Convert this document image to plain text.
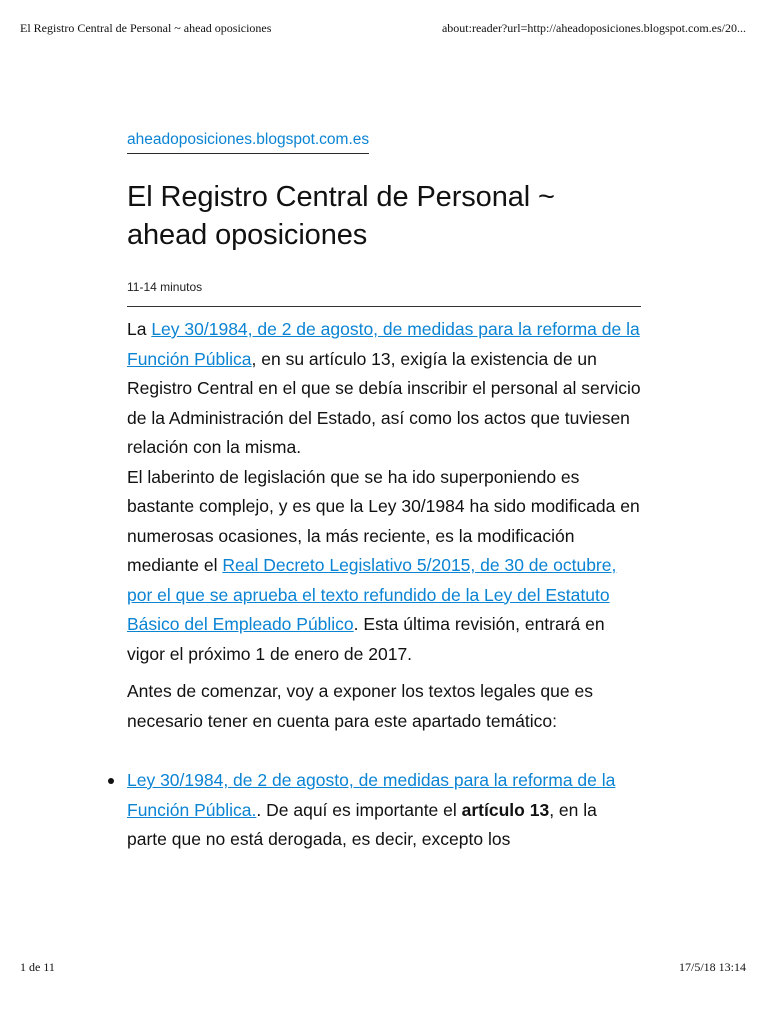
El Registro Central de Personal ~ ahead oposiciones	about:reader?url=http://aheadoposiciones.blogspot.com.es/20...
aheadoposiciones.blogspot.com.es
El Registro Central de Personal ~ ahead oposiciones
11-14 minutos

La Ley 30/1984, de 2 de agosto, de medidas para la reforma de la Función Pública, en su artículo 13, exigía la existencia de un Registro Central en el que se debía inscribir el personal al servicio de la Administración del Estado, así como los actos que tuviesen relación con la misma.

El laberinto de legislación que se ha ido superponiendo es bastante complejo, y es que la Ley 30/1984 ha sido modificada en numerosas ocasiones, la más reciente, es la modificación mediante el Real Decreto Legislativo 5/2015, de 30 de octubre, por el que se aprueba el texto refundido de la Ley del Estatuto Básico del Empleado Público. Esta última revisión, entrará en vigor el próximo 1 de enero de 2017.

Antes de comenzar, voy a exponer los textos legales que es necesario tener en cuenta para este apartado temático:

Ley 30/1984, de 2 de agosto, de medidas para la reforma de la Función Pública.. De aquí es importante el artículo 13, en la parte que no está derogada, es decir, excepto los
1 de 11	17/5/18 13:14
